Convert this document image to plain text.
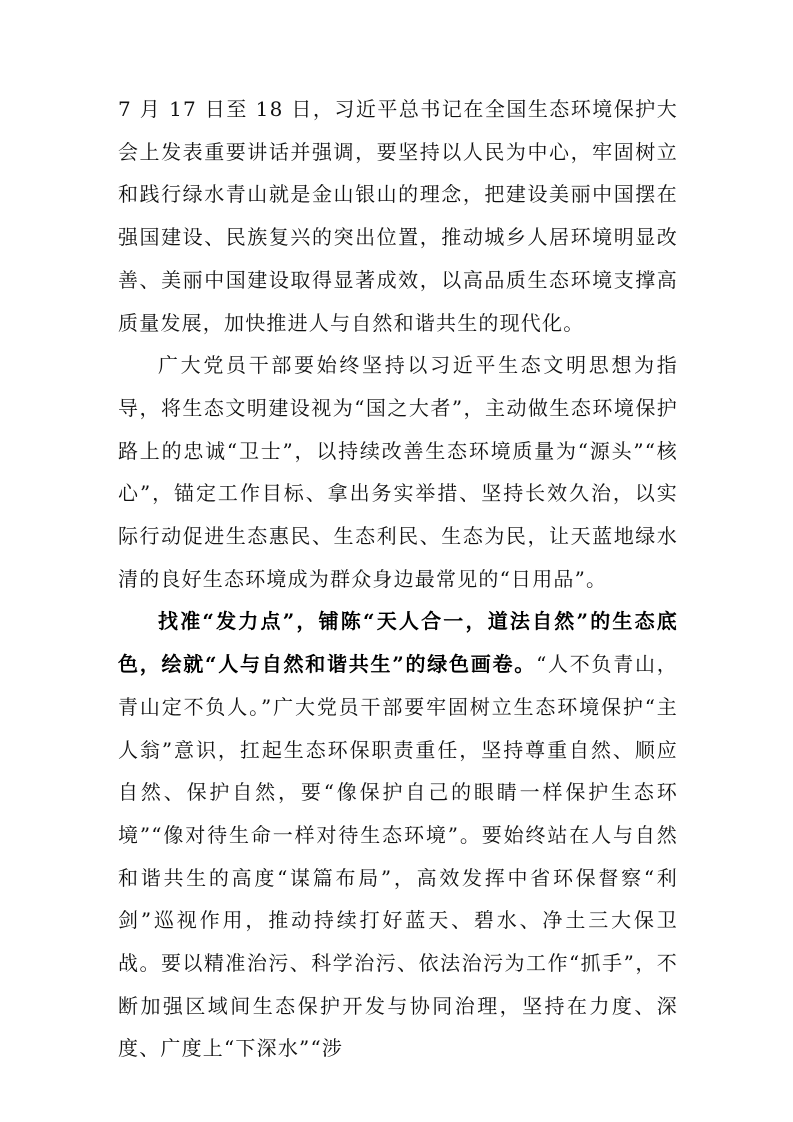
7 月 17 日至 18 日，习近平总书记在全国生态环境保护大会上发表重要讲话并强调，要坚持以人民为中心，牢固树立和践行绿水青山就是金山银山的理念，把建设美丽中国摆在强国建设、民族复兴的突出位置，推动城乡人居环境明显改善、美丽中国建设取得显著成效，以高品质生态环境支撑高质量发展，加快推进人与自然和谐共生的现代化。

广大党员干部要始终坚持以习近平生态文明思想为指导，将生态文明建设视为“国之大者”，主动做生态环境保护路上的忠诚“卫士”，以持续改善生态环境质量为“源头”“核心”，锚定工作目标、拿出务实举措、坚持长效久治，以实际行动促进生态惠民、生态利民、生态为民，让天蓝地绿水清的良好生态环境成为群众身边最常见的“日用品”。

找准“发力点”，铺陈“天人合一，道法自然”的生态底色，绘就“人与自然和谐共生”的绿色画卷。“人不负青山，青山定不负人。”广大党员干部要牢固树立生态环境保护“主人翁”意识，扛起生态环保职责重任，坚持尊重自然、顺应自然、保护自然，要“像保护自己的眼睛一样保护生态环境”“像对待生命一样对待生态环境”。要始终站在人与自然和谐共生的高度“谋篇布局”，高效发挥中省环保督察“利剑”巡视作用，推动持续打好蓝天、碧水、净土三大保卫战。要以精准治污、科学治污、依法治污为工作“抓手”，不断加强区域间生态保护开发与协同治理，坚持在力度、深度、广度上“下深水”“涉
